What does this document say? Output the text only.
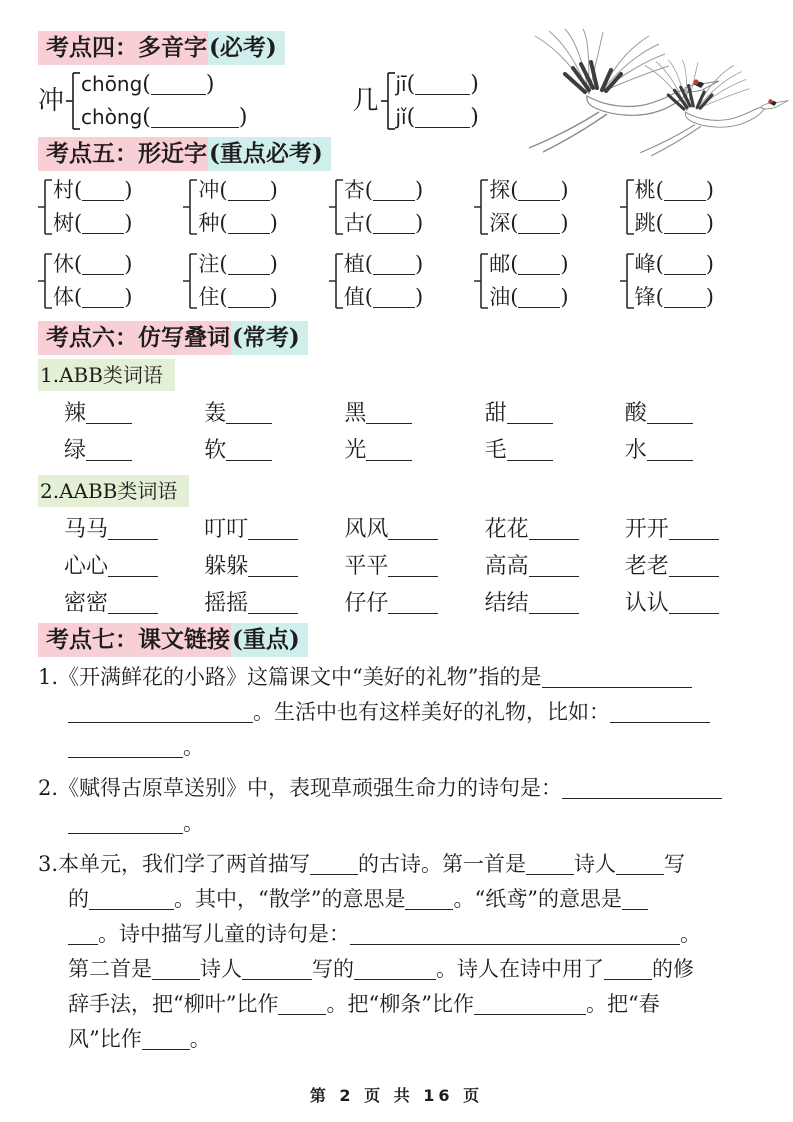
考点四：多音字(必考)
冲
chōng(	)
chòng(	)
几
jī(	)
jǐ(	)
考点五：形近字(重点必考)
村( )
树( )
冲( )
种( )
杏( )
古( )
探( )
深( )
桃( )
跳( )
休( )
体( )
注( )
住( )
植( )
值( )
邮( )
油( )
峰( )
锋( )
考点六：仿写叠词(常考)
1.ABB类词语
辣	轰	黑	甜	酸
绿	软	光	毛	水
2.AABB类词语
马马	叮叮	风风	花花	开开
心心	躲躲	平平	高高	老老
密密	摇摇	仔仔	结结	认认
考点七：课文链接(重点)
1.《开满鲜花的小路》这篇课文中“美好的礼物”指的是
。生活中也有这样美好的礼物，比如：
。
2.《赋得古原草送别》中，表现草顽强生命力的诗句是：
。
3.本单元，我们学了两首描写 的古诗。第一首是 诗人 写
的	。其中，“散学”的意思是 。“纸鸢”的意思是
。诗中描写儿童的诗句是：	。
第二首是 诗人	写的	。诗人在诗中用了 的修
辞手法，把“柳叶”比作 。把“柳条”比作	。把“春
风”比作 。
第 2 页 共 16 页
